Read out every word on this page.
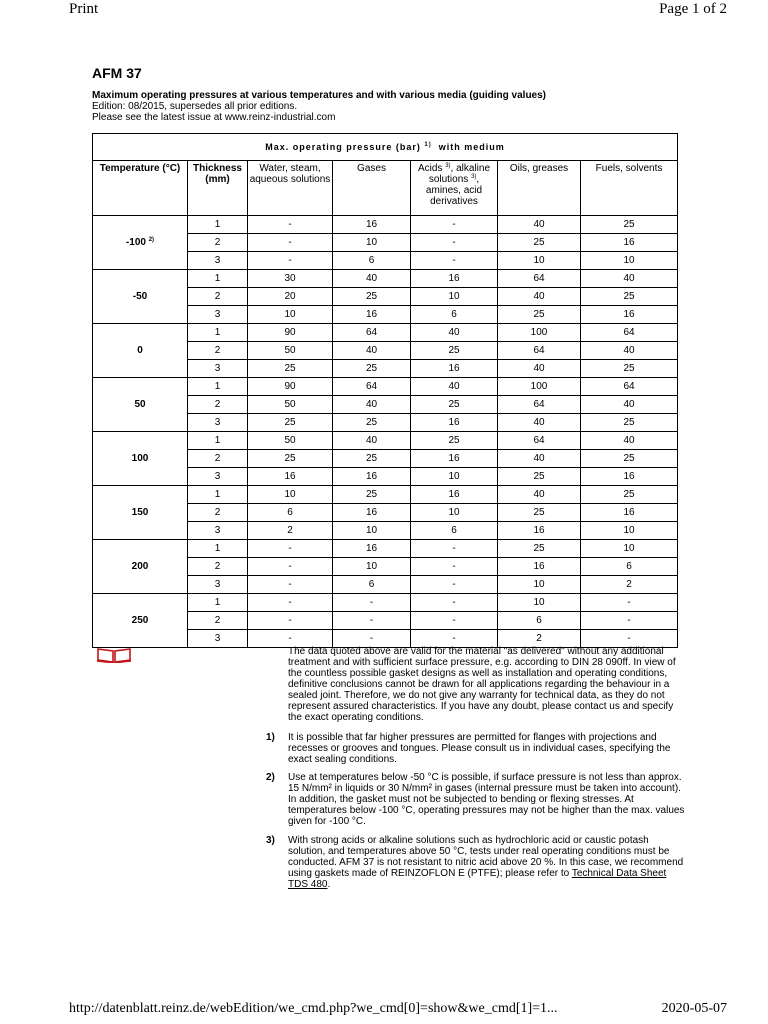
Print	Page 1 of 2
AFM 37
Maximum operating pressures at various temperatures and with various media (guiding values)
Edition: 08/2015, supersedes all prior editions.
Please see the latest issue at www.reinz-industrial.com
Max. operating pressure (bar) $^{1)}$ with medium						
Temperature (°C)	Thickness (mm)	Water, steam, aqueous solutions	Gases	Acids $^{3)}$, alkaline solutions $^{3)}$, amines, acid derivatives	Oils, greases	Fuels, solvents
-100 $^{2)}$	1	-	16	-	40	25
	2	-	10	-	25	16
	3	-	6	-	10	10
-50	1	30	40	16	64	40
	2	20	25	10	40	25
	3	10	16	6	25	16
0	1	90	64	40	100	64
	2	50	40	25	64	40
	3	25	25	16	40	25
50	1	90	64	40	100	64
	2	50	40	25	64	40
	3	25	25	16	40	25
100	1	50	40	25	64	40
	2	25	25	16	40	25
	3	16	16	10	25	16
150	1	10	25	16	40	25
	2	6	16	10	25	16
	3	2	10	6	16	10
200	1	-	16	-	25	10
	2	-	10	-	16	6
	3	-	6	-	10	2
250	1	-	-	-	10	-
	2	-	-	-	6	-
	3	-	-	-	2	-

The data quoted above are valid for the material "as delivered" without any additional treatment and with sufficient surface pressure, e.g. according to DIN 28 090ff. In view of the countless possible gasket designs as well as installation and operating conditions, definitive conclusions cannot be drawn for all applications regarding the behaviour in a sealed joint. Therefore, we do not give any warranty for technical data, as they do not represent assured characteristics. If you have any doubt, please contact us and specify the exact operating conditions.

1) It is possible that far higher pressures are permitted for flanges with projections and recesses or grooves and tongues. Please consult us in individual cases, specifying the exact sealing conditions.

2) Use at temperatures below -50 °C is possible, if surface pressure is not less than approx. 15 N/mm² in liquids or 30 N/mm² in gases (internal pressure must be taken into account). In addition, the gasket must not be subjected to bending or flexing stresses. At temperatures below -100 °C, operating pressures may not be higher than the max. values given for -100 °C.

3) With strong acids or alkaline solutions such as hydrochloric acid or caustic potash solution, and temperatures above 50 °C, tests under real operating conditions must be conducted. AFM 37 is not resistant to nitric acid above 20 %. In this case, we recommend using gaskets made of REINZOFLON E (PTFE); please refer to Technical Data Sheet TDS 480.

http://datenblatt.reinz.de/webEdition/we_cmd.php?we_cmd[0]=show&we_cmd[1]=1...	2020-05-07
